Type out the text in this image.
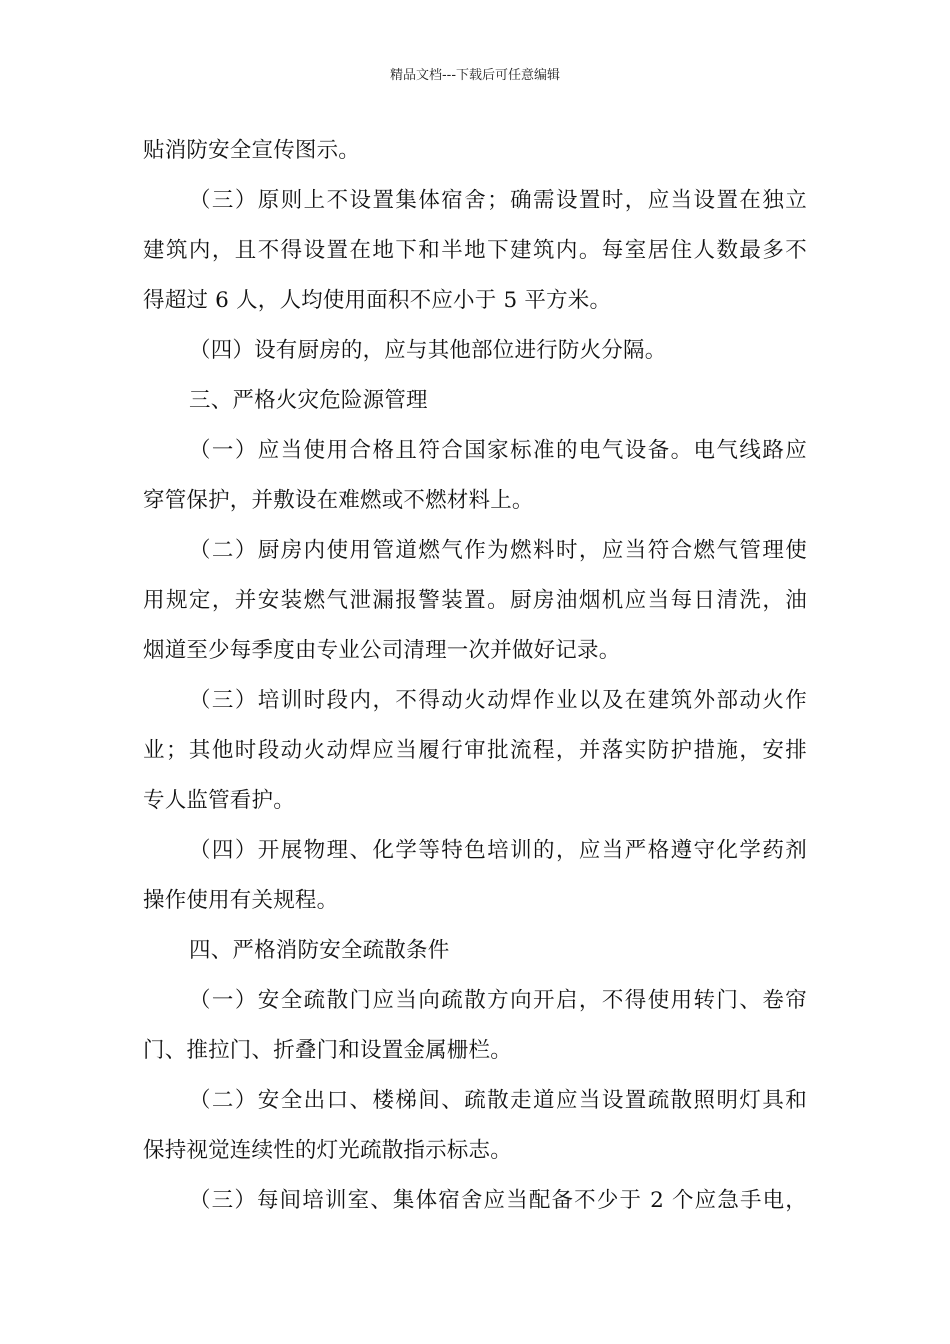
精品文档---下载后可任意编辑
贴消防安全宣传图示。
（三）原则上不设置集体宿舍；确需设置时，应当设置在独立
建筑内，且不得设置在地下和半地下建筑内。每室居住人数最多不
得超过 6 人，人均使用面积不应小于 5 平方米。
（四）设有厨房的，应与其他部位进行防火分隔。
三、严格火灾危险源管理
（一）应当使用合格且符合国家标准的电气设备。电气线路应
穿管保护，并敷设在难燃或不燃材料上。
（二）厨房内使用管道燃气作为燃料时，应当符合燃气管理使
用规定，并安装燃气泄漏报警装置。厨房油烟机应当每日清洗，油
烟道至少每季度由专业公司清理一次并做好记录。
（三）培训时段内，不得动火动焊作业以及在建筑外部动火作
业；其他时段动火动焊应当履行审批流程，并落实防护措施，安排
专人监管看护。
（四）开展物理、化学等特色培训的，应当严格遵守化学药剂
操作使用有关规程。
四、严格消防安全疏散条件
（一）安全疏散门应当向疏散方向开启，不得使用转门、卷帘
门、推拉门、折叠门和设置金属栅栏。
（二）安全出口、楼梯间、疏散走道应当设置疏散照明灯具和
保持视觉连续性的灯光疏散指示标志。
（三）每间培训室、集体宿舍应当配备不少于 2 个应急手电，
